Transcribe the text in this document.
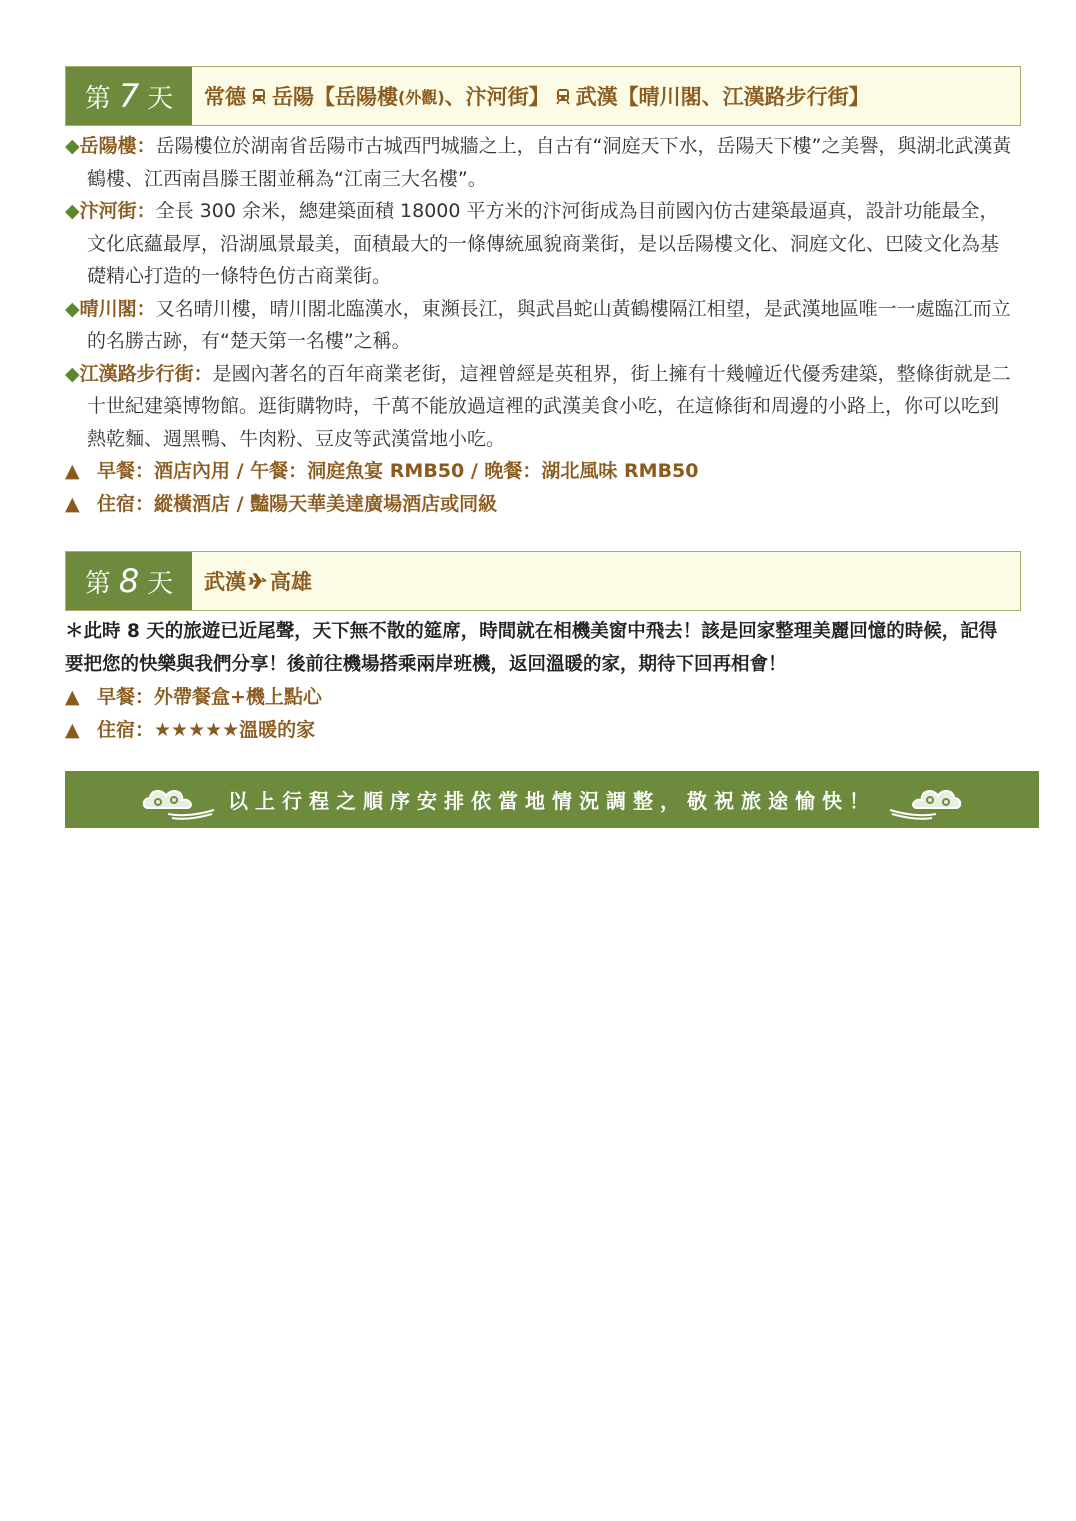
第 7 天 常德 岳陽【岳陽樓 (外觀) 、汴河街】 武漢【晴川閣、江漢路步行街】
◆岳陽樓：岳陽樓位於湖南省岳陽市古城西門城牆之上，自古有“洞庭天下水，岳陽天下樓”之美譽，與湖北武漢黃鶴樓、江西南昌滕王閣並稱為“江南三大名樓”。
◆汴河街：全長 300 余米，總建築面積 18000 平方米的汴河街成為目前國內仿古建築最逼真，設計功能最全，文化底蘊最厚，沿湖風景最美，面積最大的一條傳統風貌商業街，是以岳陽樓文化、洞庭文化、巴陵文化為基礎精心打造的一條特色仿古商業街。
◆晴川閣：又名晴川樓，晴川閣北臨漢水，東瀕長江，與武昌蛇山黃鶴樓隔江相望，是武漢地區唯一一處臨江而立的名勝古跡，有“楚天第一名樓”之稱。
◆江漢路步行街：是國內著名的百年商業老街，這裡曾經是英租界，街上擁有十幾幢近代優秀建築，整條街就是二十世紀建築博物館。逛街購物時，千萬不能放過這裡的武漢美食小吃，在這條街和周邊的小路上，你可以吃到熱乾麵、週黑鴨、牛肉粉、豆皮等武漢當地小吃。
▲ 早餐：酒店內用 / 午餐：洞庭魚宴 RMB50 / 晚餐：湖北風味 RMB50
▲ 住宿：縱橫酒店 / 豔陽天華美達廣場酒店或同級
第 8 天 武漢 高雄
＊此時 8 天的旅遊已近尾聲，天下無不散的筵席，時間就在相機美窗中飛去！該是回家整理美麗回憶的時候，記得要把您的快樂與我們分享！後前往機場搭乘兩岸班機，返回溫暖的家，期待下回再相會！
▲ 早餐：外帶餐盒+機上點心
▲ 住宿：★★★★★溫暖的家
以上行程之順序安排依當地情況調整，敬祝旅途愉快！
